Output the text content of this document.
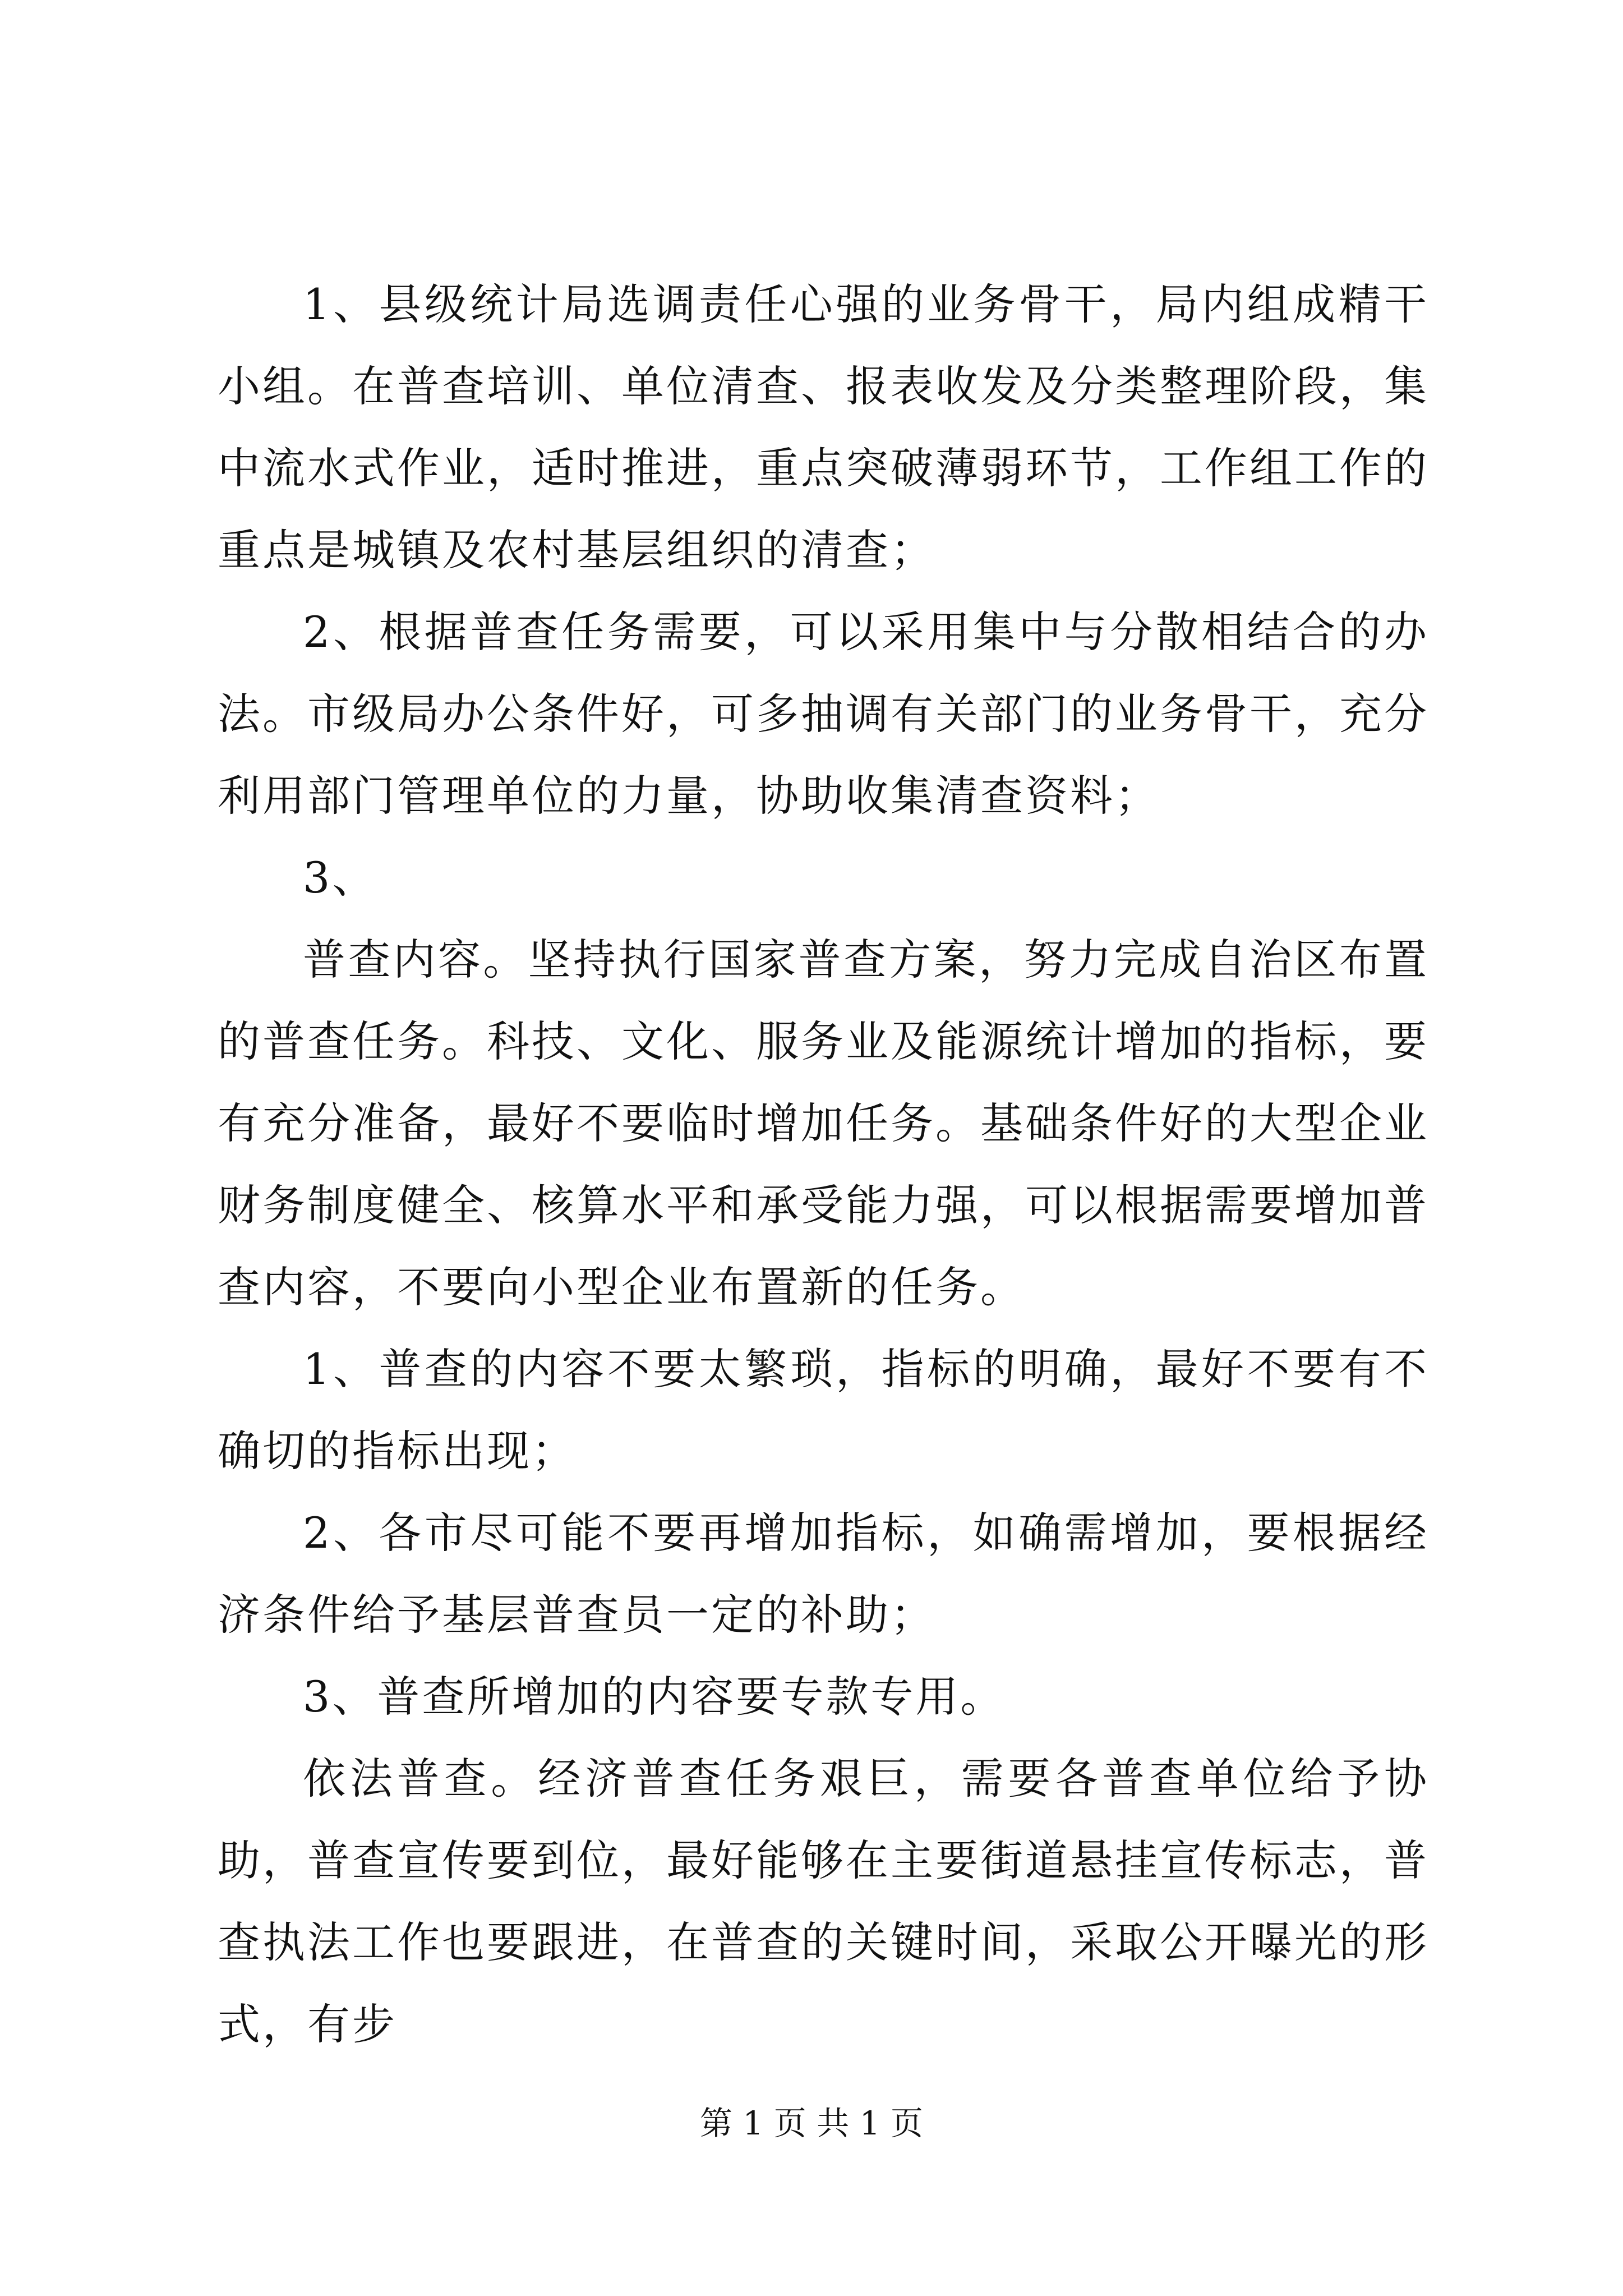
1、县级统计局选调责任心强的业务骨干，局内组成精干小组。在普查培训、单位清查、报表收发及分类整理阶段，集中流水式作业，适时推进，重点突破薄弱环节，工作组工作的重点是城镇及农村基层组织的清查；

2、根据普查任务需要，可以采用集中与分散相结合的办法。市级局办公条件好，可多抽调有关部门的业务骨干，充分利用部门管理单位的力量，协助收集清查资料；

3、

普查内容。坚持执行国家普查方案，努力完成自治区布置的普查任务。科技、文化、服务业及能源统计增加的指标，要有充分准备，最好不要临时增加任务。基础条件好的大型企业财务制度健全、核算水平和承受能力强，可以根据需要增加普查内容，不要向小型企业布置新的任务。

1、普查的内容不要太繁琐，指标的明确，最好不要有不确切的指标出现；

2、各市尽可能不要再增加指标，如确需增加，要根据经济条件给予基层普查员一定的补助；

3、普查所增加的内容要专款专用。

依法普查。经济普查任务艰巨，需要各普查单位给予协助，普查宣传要到位，最好能够在主要街道悬挂宣传标志，普查执法工作也要跟进，在普查的关键时间，采取公开曝光的形式，有步

第 1 页 共 1 页
